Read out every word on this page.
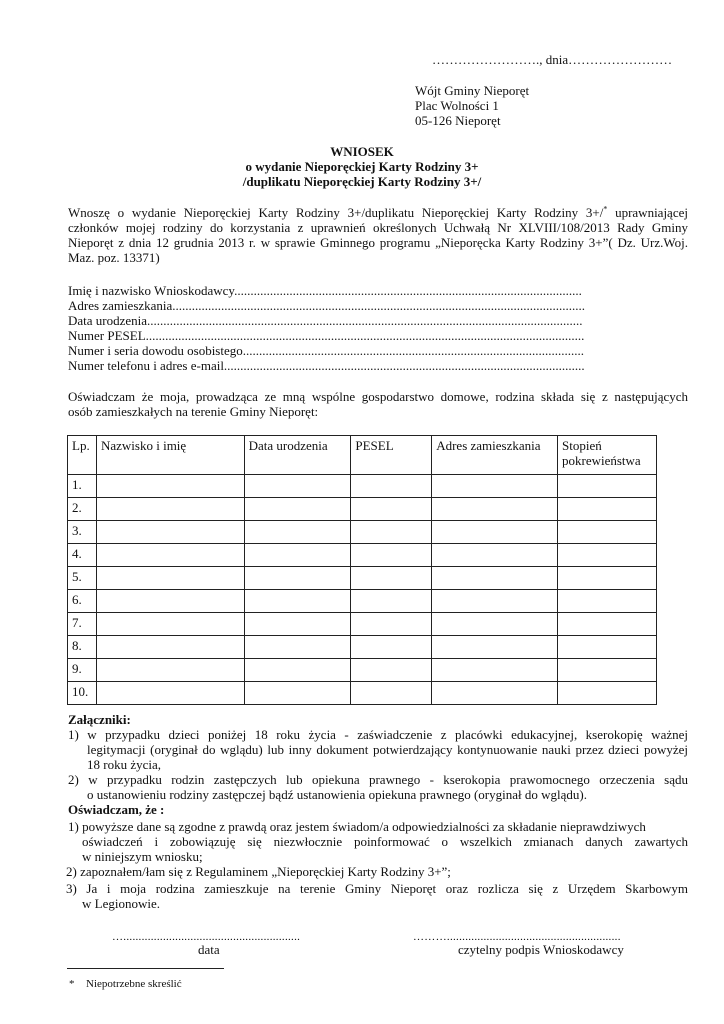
……………………., dnia……………………
Wójt Gminy Nieporęt
Plac Wolności 1
05-126 Nieporęt
WNIOSEK
o wydanie Nieporęckiej Karty Rodziny 3+
/duplikatu Nieporęckiej Karty Rodziny 3+/
Wnoszę o wydanie Nieporęckiej Karty Rodziny 3+/duplikatu Nieporęckiej Karty Rodziny 3+/* uprawniającej
członków mojej rodziny do korzystania z uprawnień określonych Uchwałą Nr XLVIII/108/2013 Rady Gminy
Nieporęt z dnia 12 grudnia 2013 r. w sprawie Gminnego programu „Nieporęcka Karty Rodziny 3+”( Dz. Urz.Woj.
Maz. poz. 13371)
Imię i nazwisko Wnioskodawcy...........................................................................................................
Adres zamieszkania...............................................................................................................................
Data urodzenia......................................................................................................................................
Numer PESEL.......................................................................................................................................
Numer i seria dowodu osobistego.........................................................................................................
Numer telefonu i adres e-mail...............................................................................................................
Oświadczam że moja, prowadząca ze mną wspólne gospodarstwo domowe, rodzina składa się z następujących
osób zamieszkałych na terenie Gminy Nieporęt:
Lp.	Nazwisko i imię	Data urodzenia	PESEL	Adres zamieszkania	Stopień pokrewieństwa
1.					
2.					
3.					
4.					
5.					
6.					
7.					
8.					
9.					
10.					
Załączniki:
1) w przypadku dzieci poniżej 18 roku życia - zaświadczenie z placówki edukacyjnej, kserokopię ważnej
legitymacji (oryginał do wglądu) lub inny dokument potwierdzający kontynuowanie nauki przez dzieci powyżej
18 roku życia,
2) w przypadku rodzin zastępczych lub opiekuna prawnego - kserokopia prawomocnego orzeczenia sądu
o ustanowieniu rodziny zastępczej bądź ustanowienia opiekuna prawnego (oryginał do wglądu).
Oświadczam, że :
1) powyższe dane są zgodne z prawdą oraz jestem świadom/a odpowiedzialności za składanie nieprawdziwych
oświadczeń i zobowiązuję się niezwłocznie poinformować o wszelkich zmianach danych zawartych
w niniejszym wniosku;
2) zapoznałem/łam się z Regulaminem „Nieporęckiej Karty Rodziny 3+”;
3) Ja i moja rodzina zamieszkuje na terenie Gminy Nieporęt oraz rozlicza się z Urzędem Skarbowym
w Legionowie.
…..........................................................
data
……….........................................................
czytelny podpis Wnioskodawcy
* Niepotrzebne skreślić
